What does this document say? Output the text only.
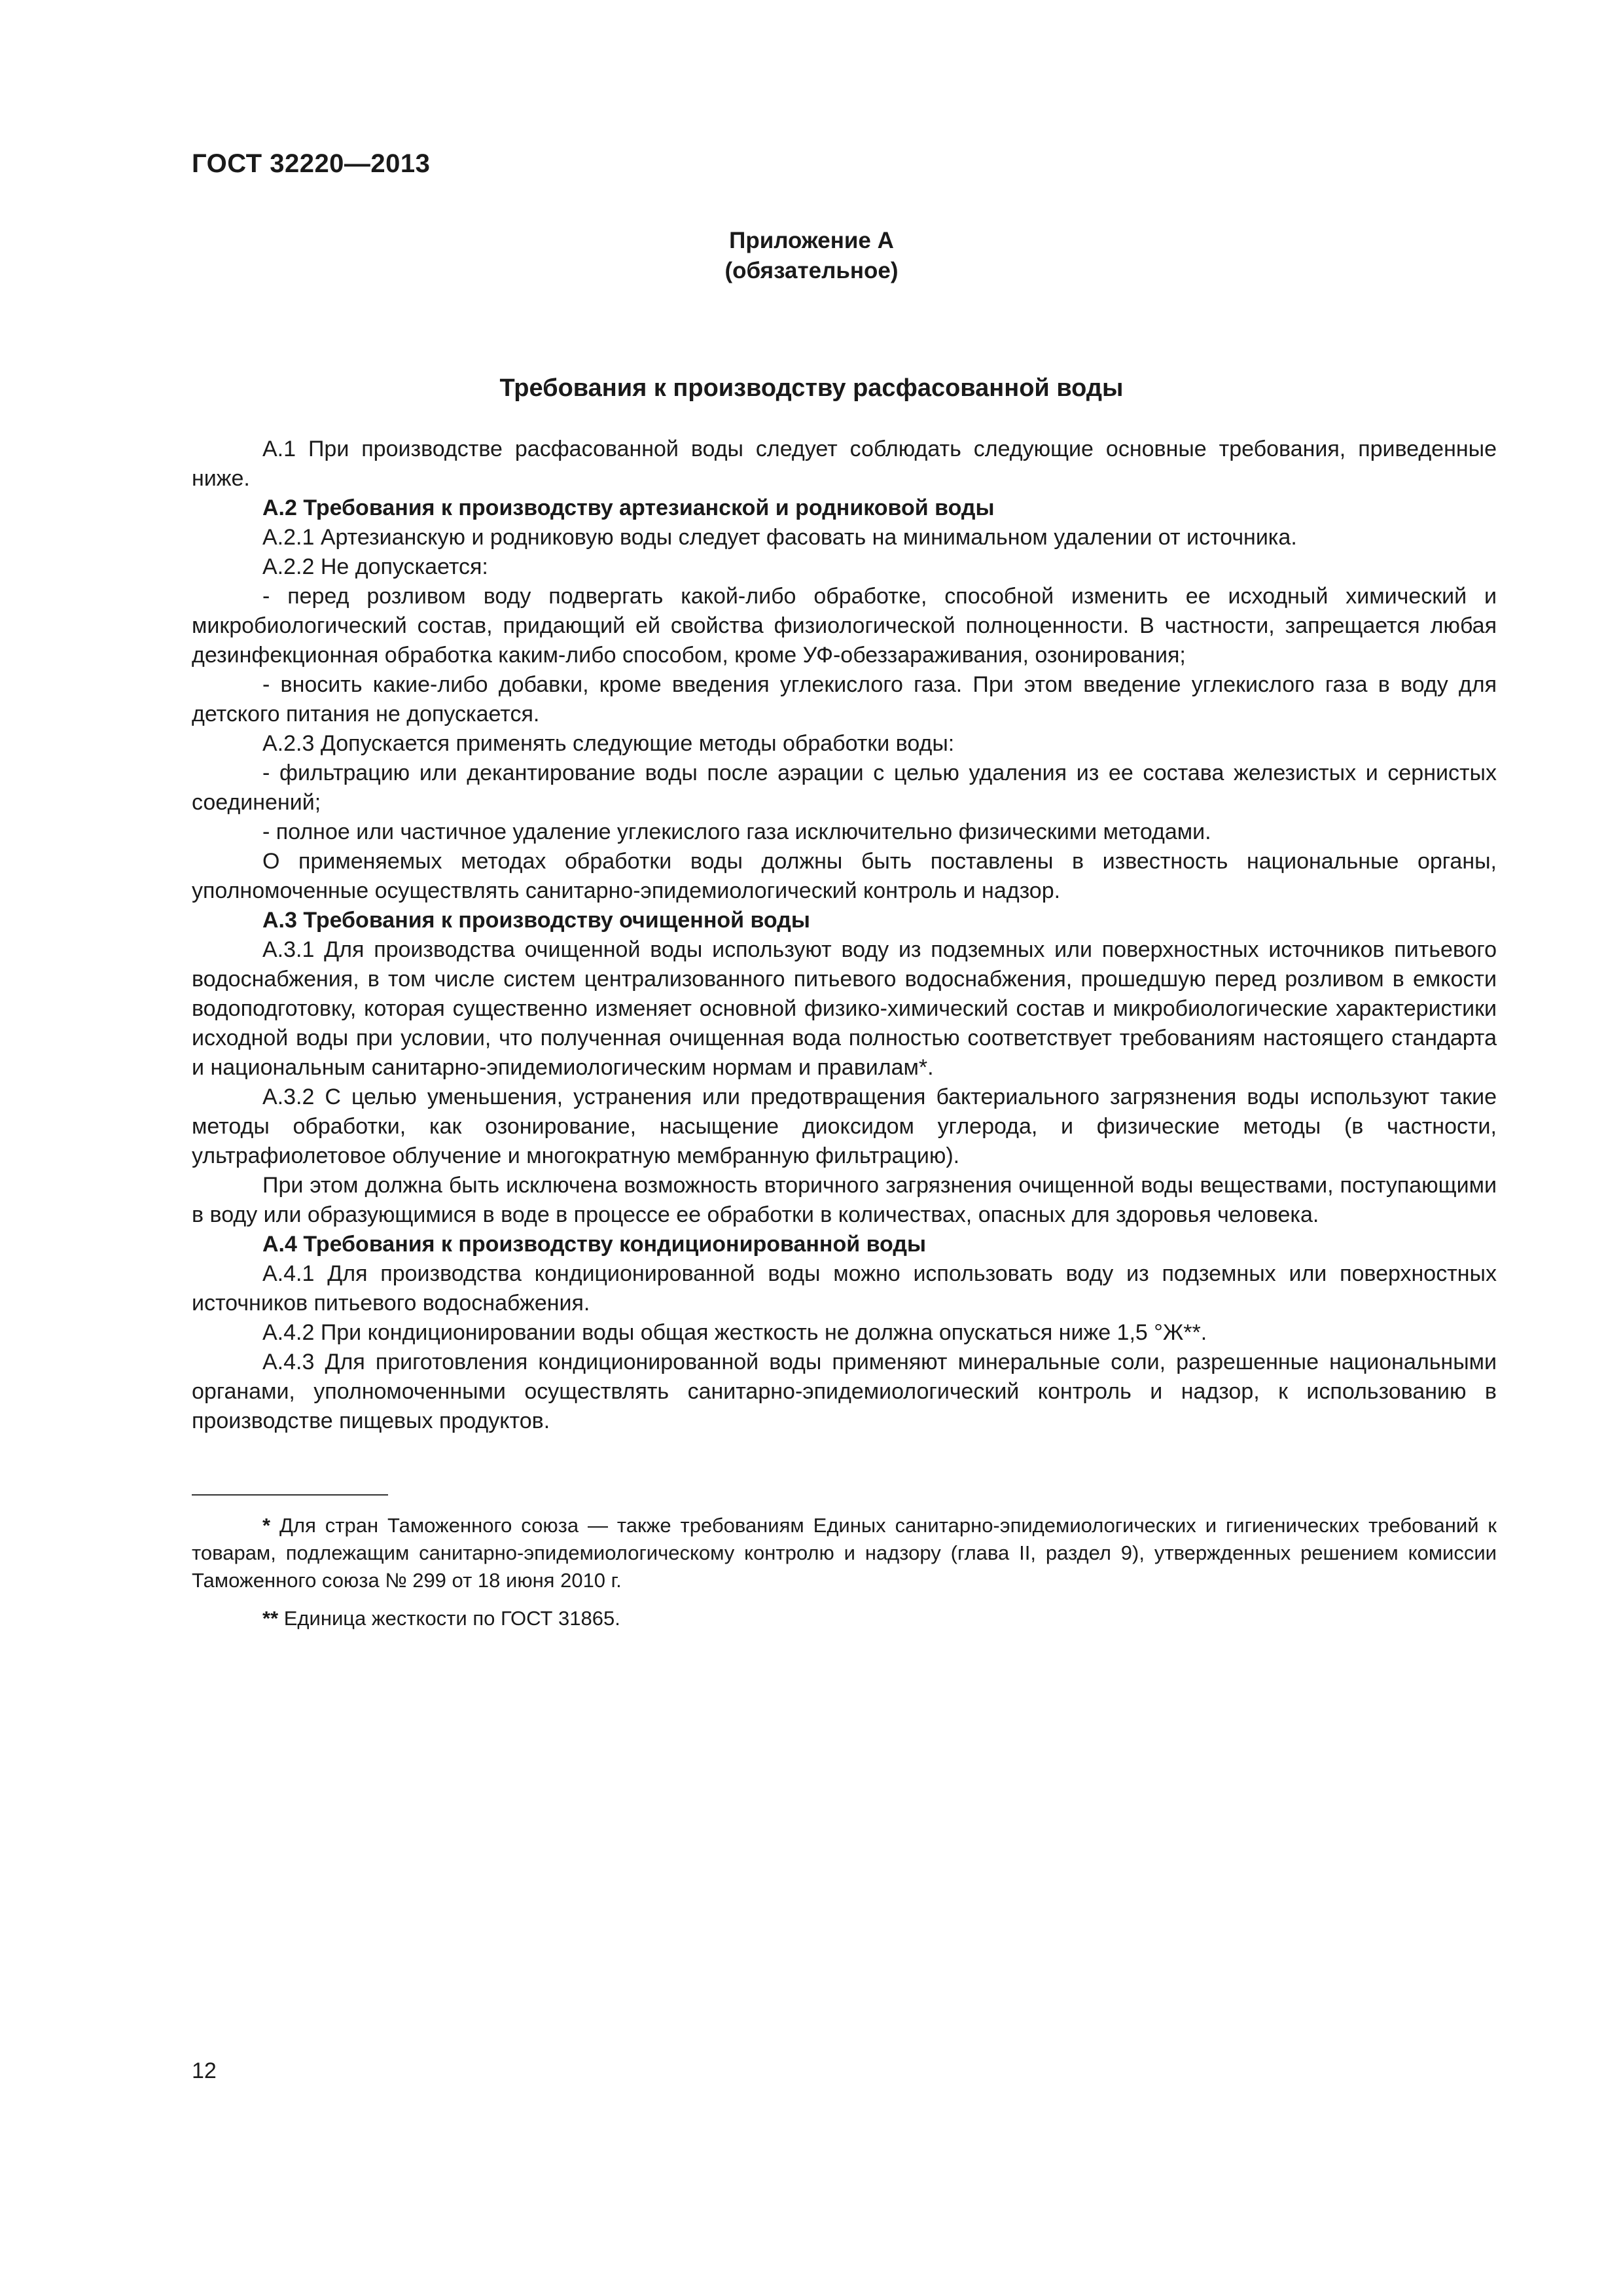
ГОСТ 32220—2013
Приложение А
(обязательное)
Требования к производству расфасованной воды

А.1 При производстве расфасованной воды следует соблюдать следующие основные требования, приведенные ниже.

А.2 Требования к производству артезианской и родниковой воды

А.2.1 Артезианскую и родниковую воды следует фасовать на минимальном удалении от источника.

А.2.2 Не допускается:

- перед розливом воду подвергать какой-либо обработке, способной изменить ее исходный химический и микробиологический состав, придающий ей свойства физиологической полноценности. В частности, запрещается любая дезинфекционная обработка каким-либо способом, кроме УФ-обеззараживания, озонирования;

- вносить какие-либо добавки, кроме введения углекислого газа. При этом введение углекислого газа в воду для детского питания не допускается.

А.2.3 Допускается применять следующие методы обработки воды:

- фильтрацию или декантирование воды после аэрации с целью удаления из ее состава железистых и сернистых соединений;

- полное или частичное удаление углекислого газа исключительно физическими методами.

О применяемых методах обработки воды должны быть поставлены в известность национальные органы, уполномоченные осуществлять санитарно-эпидемиологический контроль и надзор.

А.3 Требования к производству очищенной воды

А.3.1 Для производства очищенной воды используют воду из подземных или поверхностных источников питьевого водоснабжения, в том числе систем централизованного питьевого водоснабжения, прошедшую перед розливом в емкости водоподготовку, которая существенно изменяет основной физико-химический состав и микробиологические характеристики исходной воды при условии, что полученная очищенная вода полностью соответствует требованиям настоящего стандарта и национальным санитарно-эпидемиологическим нормам и правилам*.

А.3.2 С целью уменьшения, устранения или предотвращения бактериального загрязнения воды используют такие методы обработки, как озонирование, насыщение диоксидом углерода, и физические методы (в частности, ультрафиолетовое облучение и многократную мембранную фильтрацию).

При этом должна быть исключена возможность вторичного загрязнения очищенной воды веществами, поступающими в воду или образующимися в воде в процессе ее обработки в количествах, опасных для здоровья человека.

А.4 Требования к производству кондиционированной воды

А.4.1 Для производства кондиционированной воды можно использовать воду из подземных или поверхностных источников питьевого водоснабжения.

А.4.2 При кондиционировании воды общая жесткость не должна опускаться ниже 1,5 °Ж**.

А.4.3 Для приготовления кондиционированной воды применяют минеральные соли, разрешенные национальными органами, уполномоченными осуществлять санитарно-эпидемиологический контроль и надзор, к использованию в производстве пищевых продуктов.

* Для стран Таможенного союза — также требованиям Единых санитарно-эпидемиологических и гигиенических требований к товарам, подлежащим санитарно-эпидемиологическому контролю и надзору (глава II, раздел 9), утвержденных решением комиссии Таможенного союза № 299 от 18 июня 2010 г.

** Единица жесткости по ГОСТ 31865.

12
